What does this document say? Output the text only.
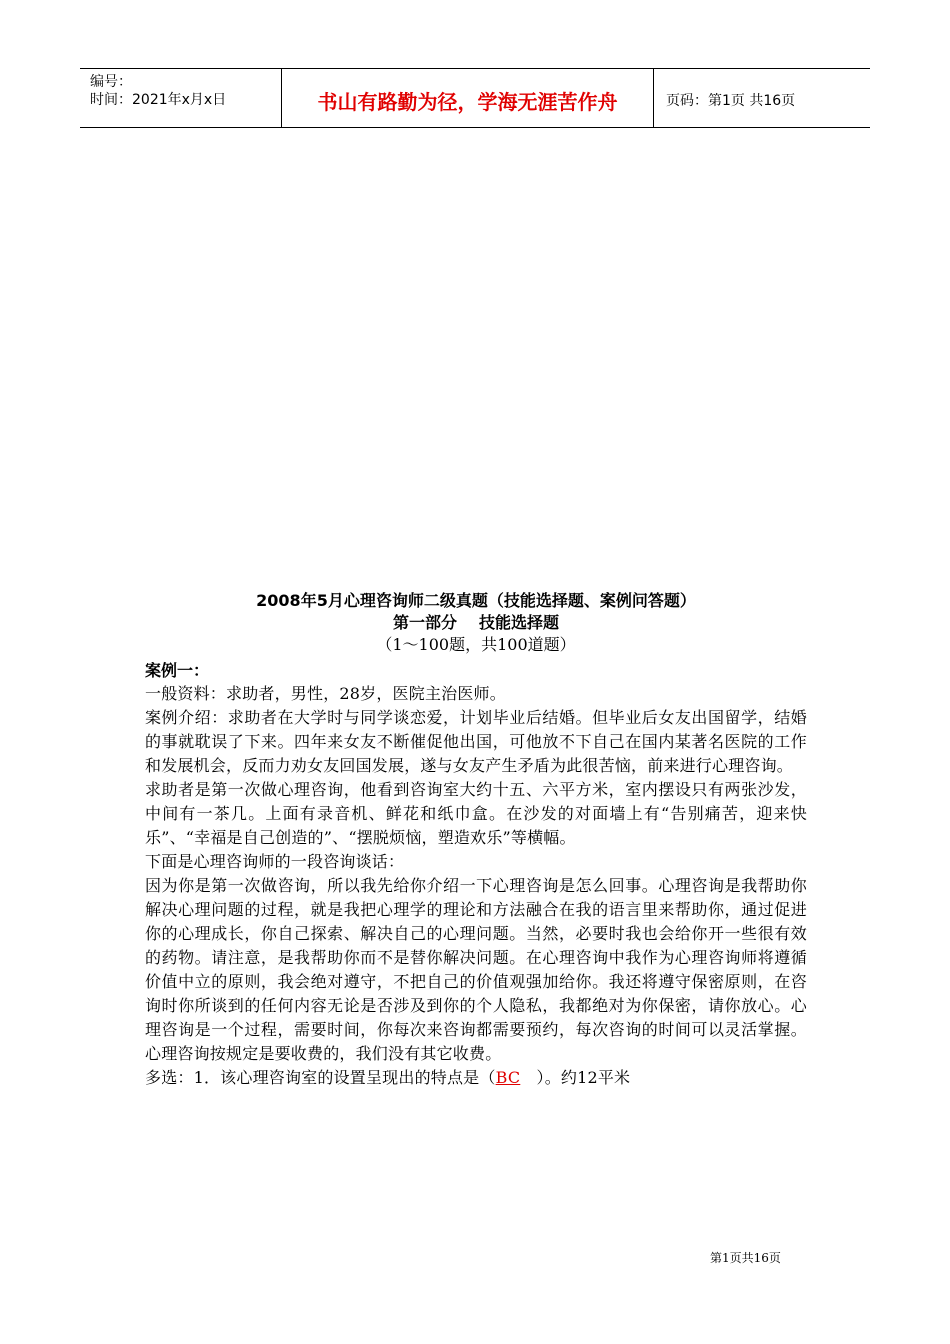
编号：
时间：2021年x月x日	书山有路勤为径，学海无涯苦作舟	页码：第1页 共16页
2008年5月心理咨询师二级真题（技能选择题、案例问答题）
第一部分 技能选择题
（1～100题，共100道题）
案例一：

一般资料：求助者，男性，28岁，医院主治医师。

案例介绍：求助者在大学时与同学谈恋爱，计划毕业后结婚。但毕业后女友出国留学，结婚的事就耽误了下来。四年来女友不断催促他出国，可他放不下自己在国内某著名医院的工作和发展机会，反而力劝女友回国发展，遂与女友产生矛盾为此很苦恼，前来进行心理咨询。

求助者是第一次做心理咨询，他看到咨询室大约十五、六平方米，室内摆设只有两张沙发，中间有一茶几。上面有录音机、鲜花和纸巾盒。在沙发的对面墙上有“告别痛苦，迎来快乐”、“幸福是自己创造的”、“摆脱烦恼，塑造欢乐”等横幅。

下面是心理咨询师的一段咨询谈话：

因为你是第一次做咨询，所以我先给你介绍一下心理咨询是怎么回事。心理咨询是我帮助你解决心理问题的过程，就是我把心理学的理论和方法融合在我的语言里来帮助你，通过促进你的心理成长，你自己探索、解决自己的心理问题。当然，必要时我也会给你开一些很有效的药物。请注意，是我帮助你而不是替你解决问题。在心理咨询中我作为心理咨询师将遵循价值中立的原则，我会绝对遵守，不把自己的价值观强加给你。我还将遵守保密原则，在咨询时你所谈到的任何内容无论是否涉及到你的个人隐私，我都绝对为你保密，请你放心。心理咨询是一个过程，需要时间，你每次来咨询都需要预约，每次咨询的时间可以灵活掌握。心理咨询按规定是要收费的，我们没有其它收费。

多选：1．该心理咨询室的设置呈现出的特点是（BC　）。约12平米

第1页共16页
